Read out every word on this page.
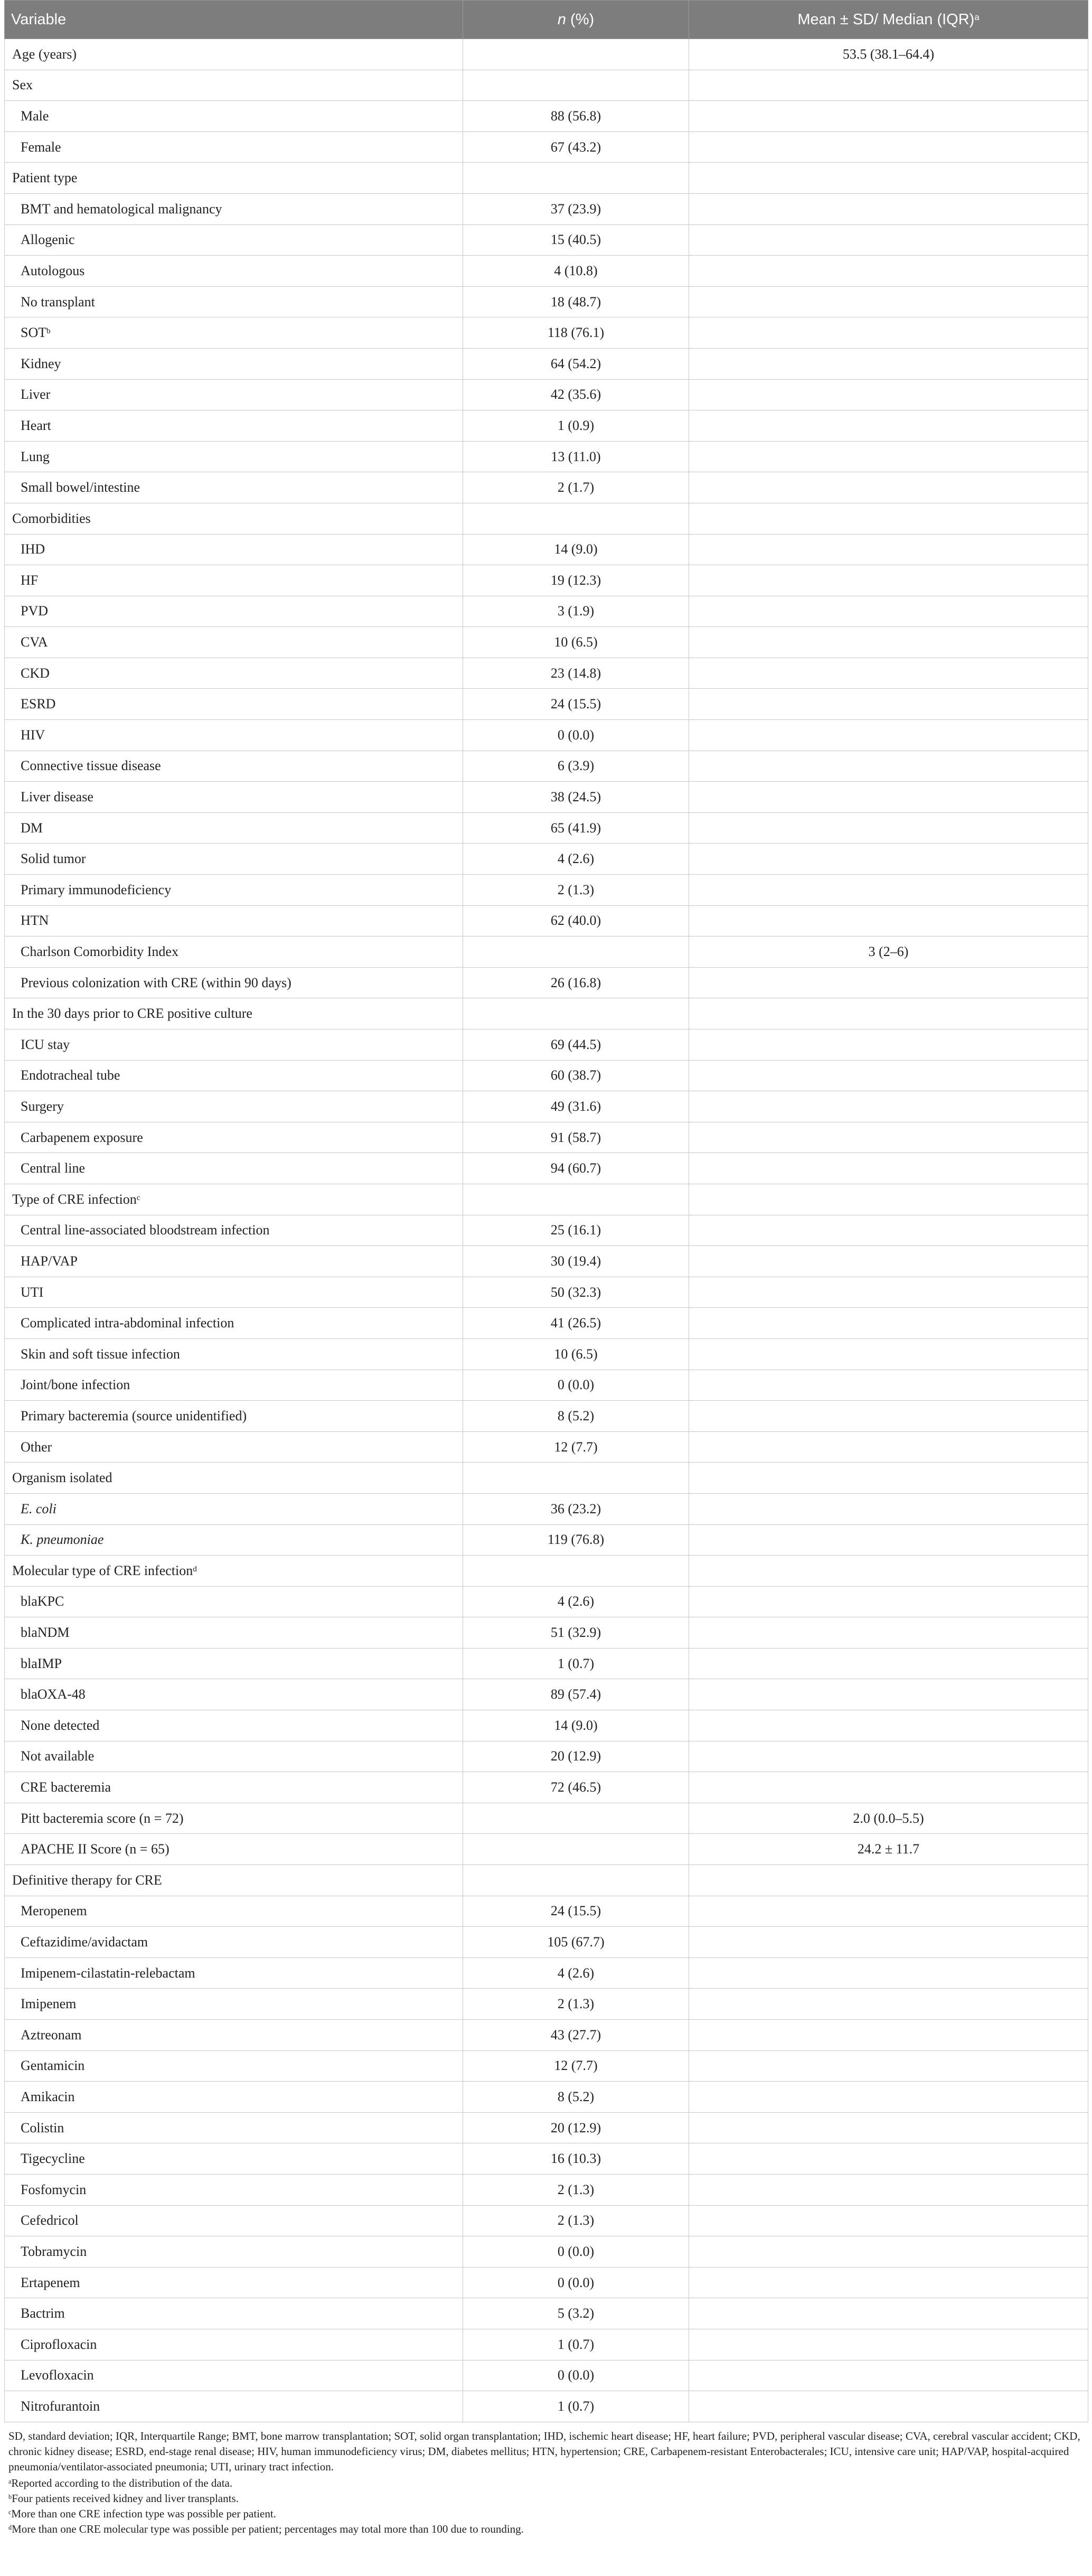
Variable	n (%)	Mean ± SD/ Median (IQR)$^a$
Age (years)		53.5 (38.1–64.4)
Sex		
Male	88 (56.8)	
Female	67 (43.2)	
Patient type		
BMT and hematological malignancy	37 (23.9)	
Allogenic	15 (40.5)	
Autologous	4 (10.8)	
No transplant	18 (48.7)	
SOT$^b$	118 (76.1)	
Kidney	64 (54.2)	
Liver	42 (35.6)	
Heart	1 (0.9)	
Lung	13 (11.0)	
Small bowel/intestine	2 (1.7)	
Comorbidities		
IHD	14 (9.0)	
HF	19 (12.3)	
PVD	3 (1.9)	
CVA	10 (6.5)	
CKD	23 (14.8)	
ESRD	24 (15.5)	
HIV	0 (0.0)	
Connective tissue disease	6 (3.9)	
Liver disease	38 (24.5)	
DM	65 (41.9)	
Solid tumor	4 (2.6)	
Primary immunodeficiency	2 (1.3)	
HTN	62 (40.0)	
Charlson Comorbidity Index		3 (2–6)
Previous colonization with CRE (within 90 days)	26 (16.8)	
In the 30 days prior to CRE positive culture		
ICU stay	69 (44.5)	
Endotracheal tube	60 (38.7)	
Surgery	49 (31.6)	
Carbapenem exposure	91 (58.7)	
Central line	94 (60.7)	
Type of CRE infection$^c$		
Central line-associated bloodstream infection	25 (16.1)	
HAP/VAP	30 (19.4)	
UTI	50 (32.3)	
Complicated intra-abdominal infection	41 (26.5)	
Skin and soft tissue infection	10 (6.5)	
Joint/bone infection	0 (0.0)	
Primary bacteremia (source unidentified)	8 (5.2)	
Other	12 (7.7)	
Organism isolated		
E. coli	36 (23.2)	
K. pneumoniae	119 (76.8)	
Molecular type of CRE infection$^d$		
blaKPC	4 (2.6)	
blaNDM	51 (32.9)	
blaIMP	1 (0.7)	
blaOXA-48	89 (57.4)	
None detected	14 (9.0)	
Not available	20 (12.9)	
CRE bacteremia	72 (46.5)	
Pitt bacteremia score (n = 72)		2.0 (0.0–5.5)
APACHE II Score (n = 65)		24.2 ± 11.7
Definitive therapy for CRE		
Meropenem	24 (15.5)	
Ceftazidime/avidactam	105 (67.7)	
Imipenem-cilastatin-relebactam	4 (2.6)	
Imipenem	2 (1.3)	
Aztreonam	43 (27.7)	
Gentamicin	12 (7.7)	
Amikacin	8 (5.2)	
Colistin	20 (12.9)	
Tigecycline	16 (10.3)	
Fosfomycin	2 (1.3)	
Cefedricol	2 (1.3)	
Tobramycin	0 (0.0)	
Ertapenem	0 (0.0)	
Bactrim	5 (3.2)	
Ciprofloxacin	1 (0.7)	
Levofloxacin	0 (0.0)	
Nitrofurantoin	1 (0.7)	

SD, standard deviation; IQR, Interquartile Range; BMT, bone marrow transplantation; SOT, solid organ transplantation; IHD, ischemic heart disease; HF, heart failure; PVD, peripheral vascular disease; CVA, cerebral vascular accident; CKD, chronic kidney disease; ESRD, end-stage renal disease; HIV, human immunodeficiency virus; DM, diabetes mellitus; HTN, hypertension; CRE, Carbapenem-resistant Enterobacterales; ICU, intensive care unit; HAP/VAP, hospital-acquired pneumonia/ventilator-associated pneumonia; UTI, urinary tract infection.

$^a$Reported according to the distribution of the data.

$^b$Four patients received kidney and liver transplants.

$^c$More than one CRE infection type was possible per patient.

$^d$More than one CRE molecular type was possible per patient; percentages may total more than 100 due to rounding.
